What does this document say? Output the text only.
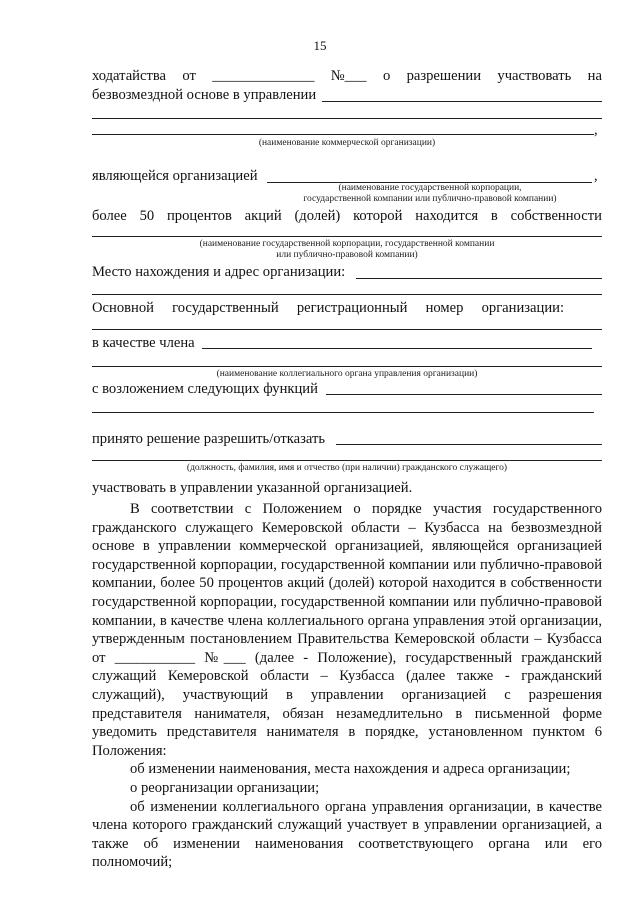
15
ходатайства от ______________ №___ о разрешении участвовать на
безвозмездной основе в управлении
,
(наименование коммерческой организации)
являющейся организацией	,
(наименование государственной корпорации,
государственной компании или публично-правовой компании)
более 50 процентов акций (долей) которой находится в собственности
(наименование государственной корпорации, государственной компании
или публично-правовой компании)
Место нахождения и адрес организации:
Основной государственный регистрационный номер организации:
в качестве члена
(наименование коллегиального органа управления организации)
с возложением следующих функций
принято решение разрешить/отказать
(должность, фамилия, имя и отчество (при наличии) гражданского служащего)
участвовать в управлении указанной организацией.

В соответствии с Положением о порядке участия государственного гражданского служащего Кемеровской области – Кузбасса на безвозмездной основе в управлении коммерческой организацией, являющейся организацией государственной корпорации, государственной компании или публично-правовой компании, более 50 процентов акций (долей) которой находится в собственности государственной корпорации, государственной компании или публично-правовой компании, в качестве члена коллегиального органа управления этой организации, утвержденным постановлением Правительства Кемеровской области – Кузбасса от ___________ №___ (далее - Положение), государственный гражданский служащий Кемеровской области – Кузбасса (далее также - гражданский служащий), участвующий в управлении организацией с разрешения представителя нанимателя, обязан незамедлительно в письменной форме уведомить представителя нанимателя в порядке, установленном пунктом 6 Положения:

об изменении наименования, места нахождения и адреса организации;

о реорганизации организации;

об изменении коллегиального органа управления организации, в качестве члена которого гражданский служащий участвует в управлении организацией, а также об изменении наименования соответствующего органа или его полномочий;
